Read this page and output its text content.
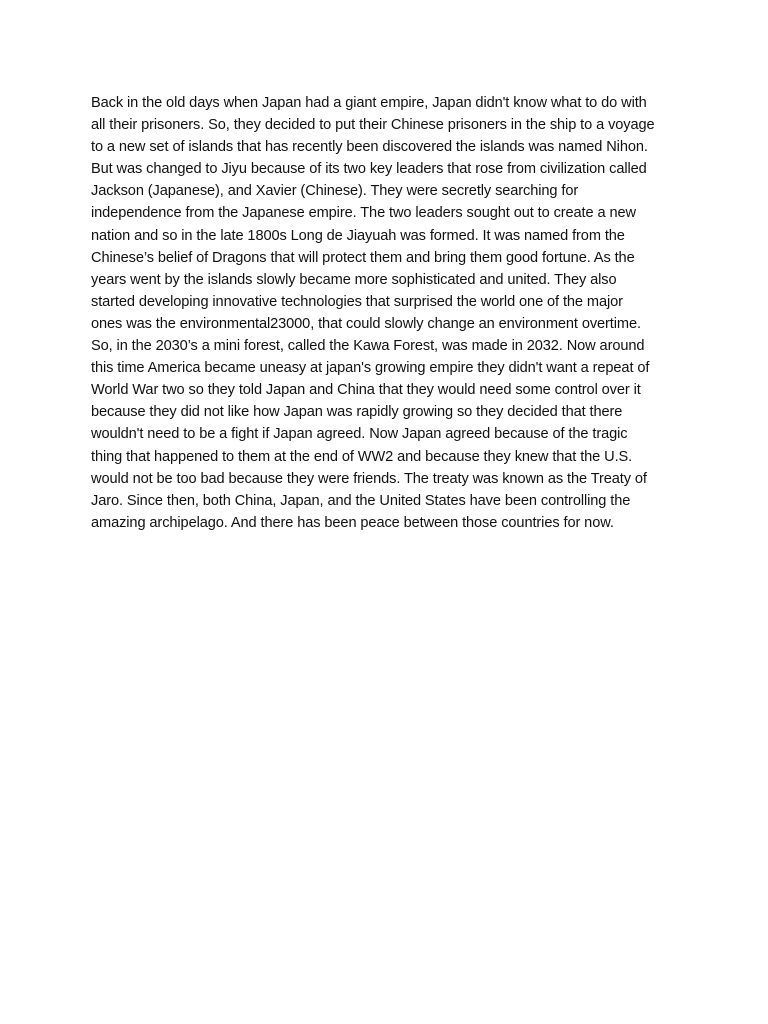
Back in the old days when Japan had a giant empire, Japan didn't know what to do with
all their prisoners. So, they decided to put their Chinese prisoners in the ship to a voyage
to a new set of islands that has recently been discovered the islands was named Nihon.
But was changed to Jiyu because of its two key leaders that rose from civilization called
Jackson (Japanese), and Xavier (Chinese). They were secretly searching for
independence from the Japanese empire. The two leaders sought out to create a new
nation and so in the late 1800s Long de Jiayuah was formed. It was named from the
Chinese’s belief of Dragons that will protect them and bring them good fortune. As the
years went by the islands slowly became more sophisticated and united. They also
started developing innovative technologies that surprised the world one of the major
ones was the environmental23000, that could slowly change an environment overtime.
So, in the 2030’s a mini forest, called the Kawa Forest, was made in 2032. Now around
this time America became uneasy at japan's growing empire they didn't want a repeat of
World War two so they told Japan and China that they would need some control over it
because they did not like how Japan was rapidly growing so they decided that there
wouldn't need to be a fight if Japan agreed. Now Japan agreed because of the tragic
thing that happened to them at the end of WW2 and because they knew that the U.S.
would not be too bad because they were friends. The treaty was known as the Treaty of
Jaro. Since then, both China, Japan, and the United States have been controlling the
amazing archipelago. And there has been peace between those countries for now.
